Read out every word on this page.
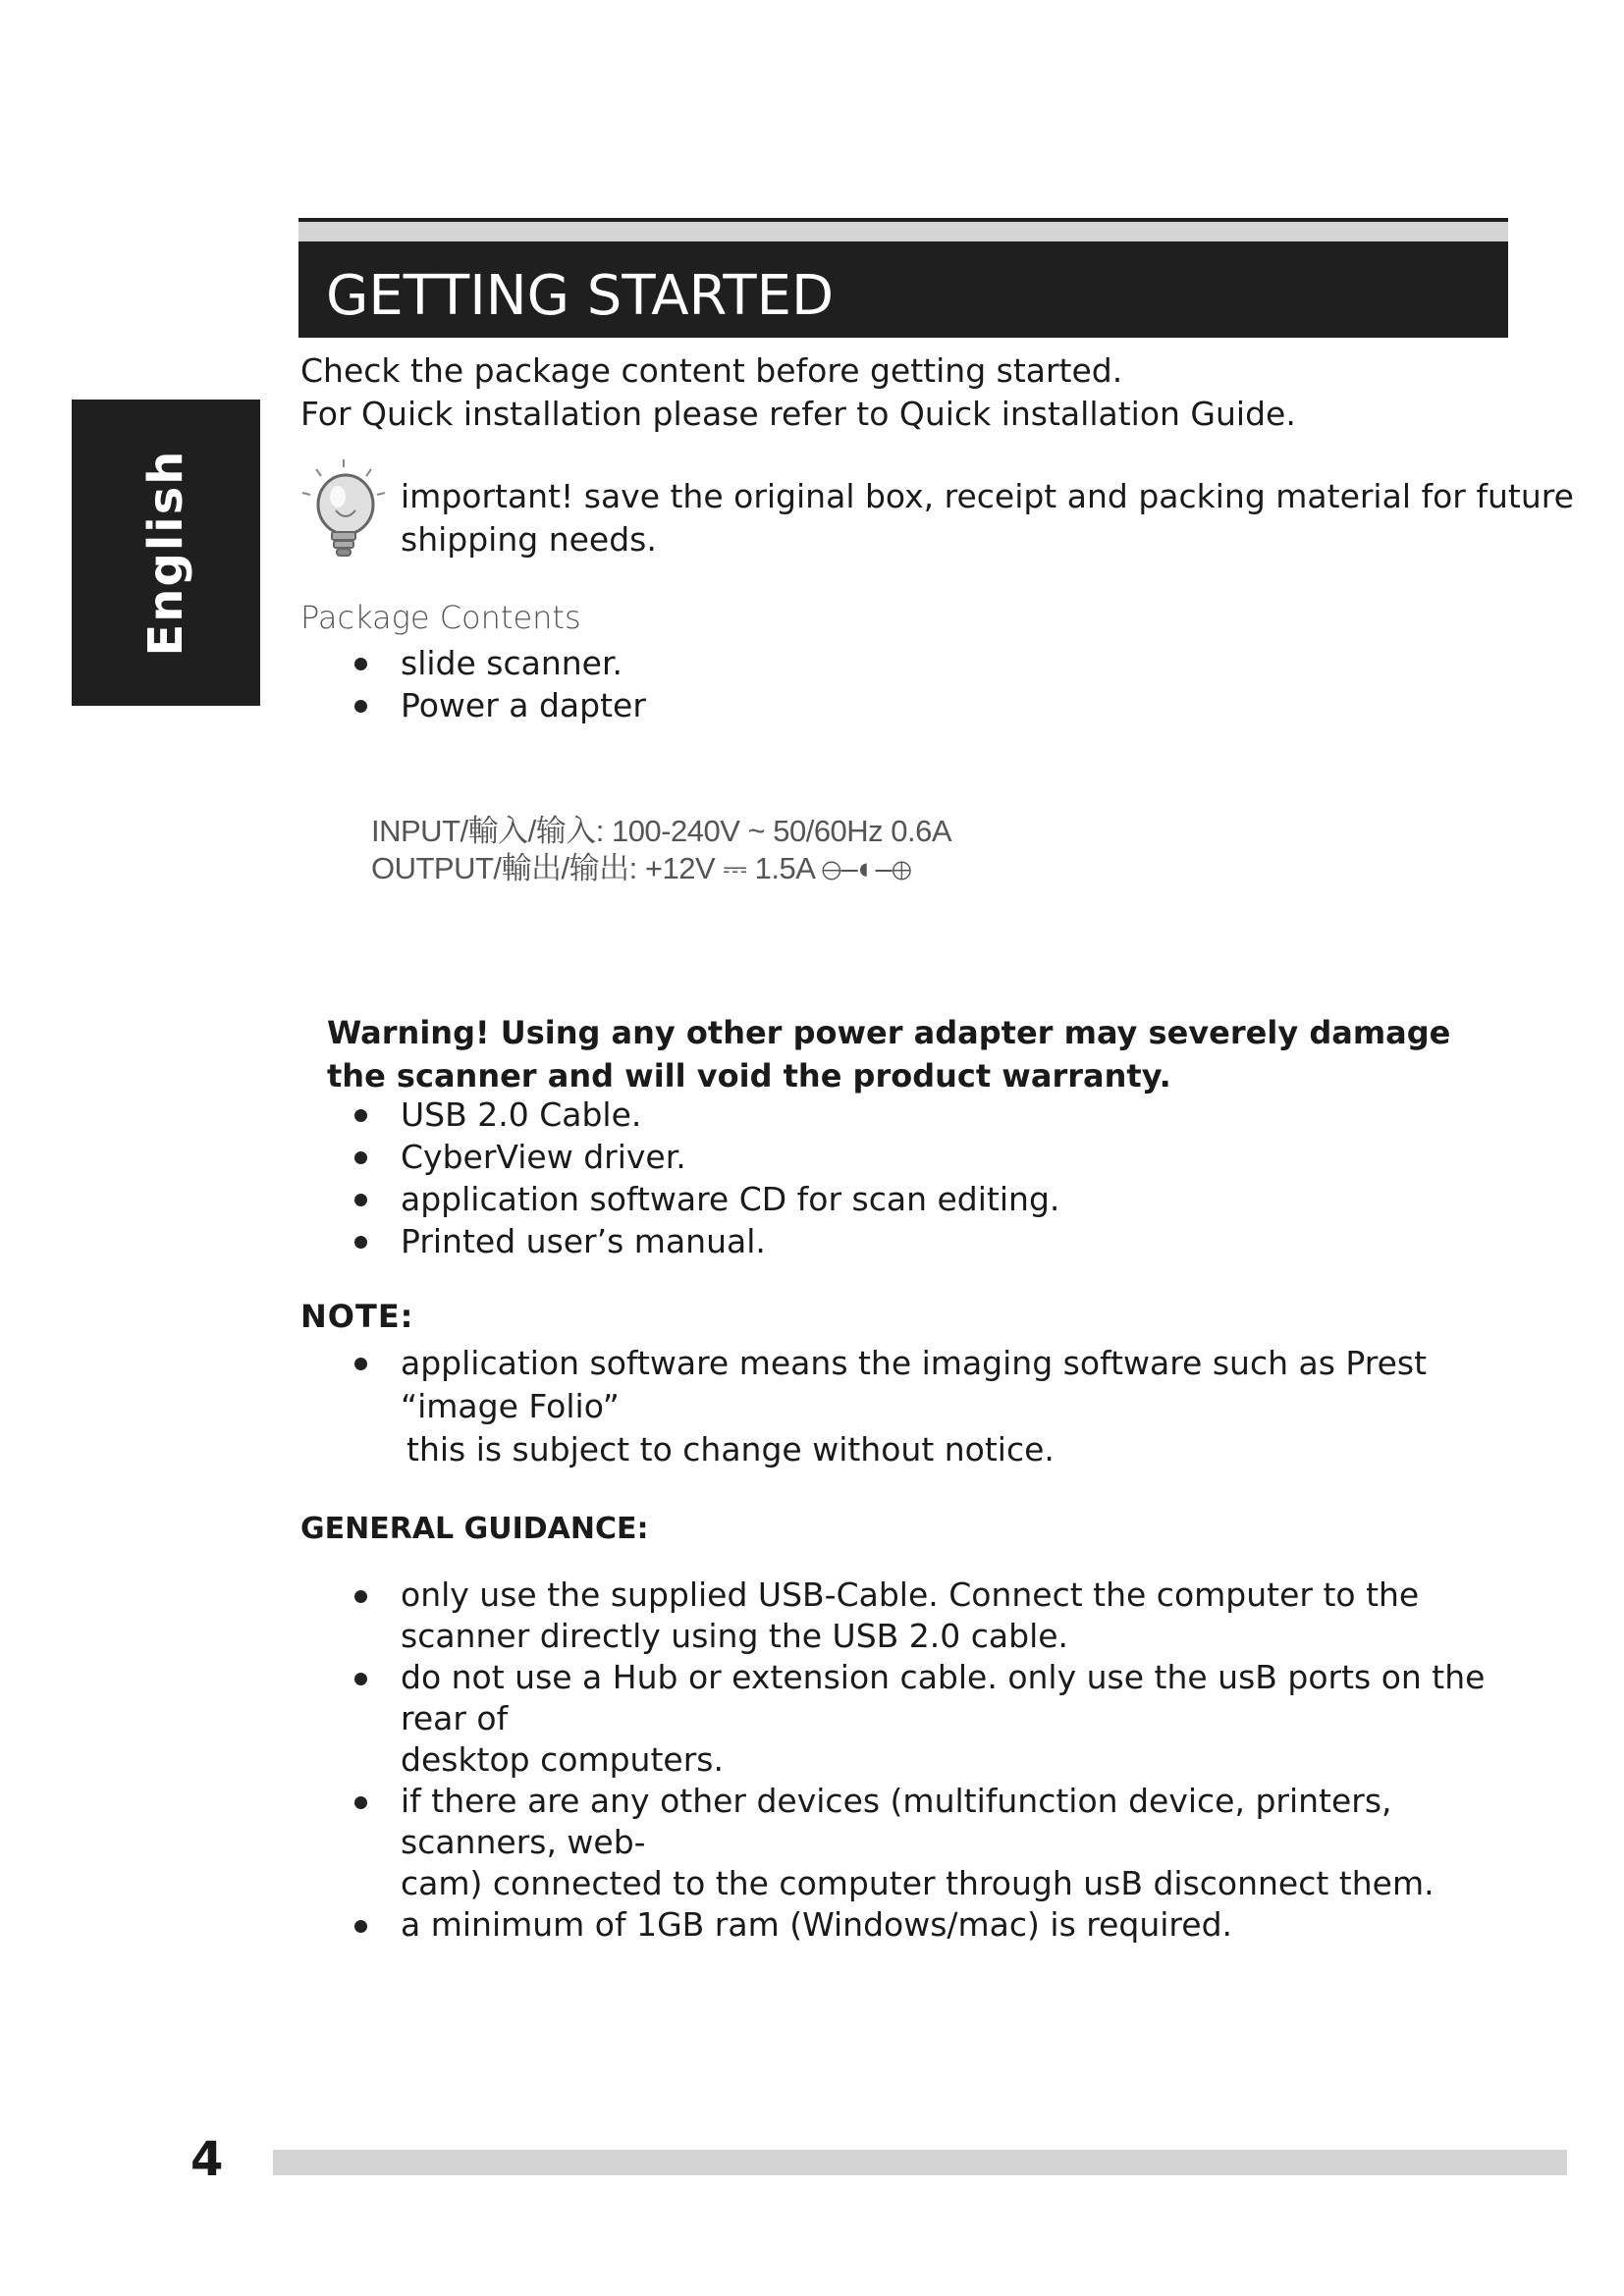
GETTING STARTED
English
Check the package content before getting started.
For Quick installation please refer to Quick installation Guide.
important! save the original box, receipt and packing material for future
shipping needs.
Package Contents
slide scanner.
Power a dapter
INPUT/輸入/输入: 100-240V ~ 50/60Hz 0.6A
OUTPUT/輸出/输出: +12V ⎓ 1.5A ⊖–◐–⊕
Warning! Using any other power adapter may severely damage the scanner and will void the product warranty.
USB 2.0 Cable.
CyberView driver.
application software CD for scan editing.
Printed user’s manual.
NOTE:
application software means the imaging software such as Prest “image Folio”
this is subject to change without notice.
GENERAL GUIDANCE:
only use the supplied USB-Cable. Connect the computer to the
scanner directly using the USB 2.0 cable.
do not use a Hub or extension cable. only use the usB ports on the rear of
desktop computers.
if there are any other devices (multifunction device, printers, scanners, web-
cam) connected to the computer through usB disconnect them.
a minimum of 1GB ram (Windows/mac) is required.
4
